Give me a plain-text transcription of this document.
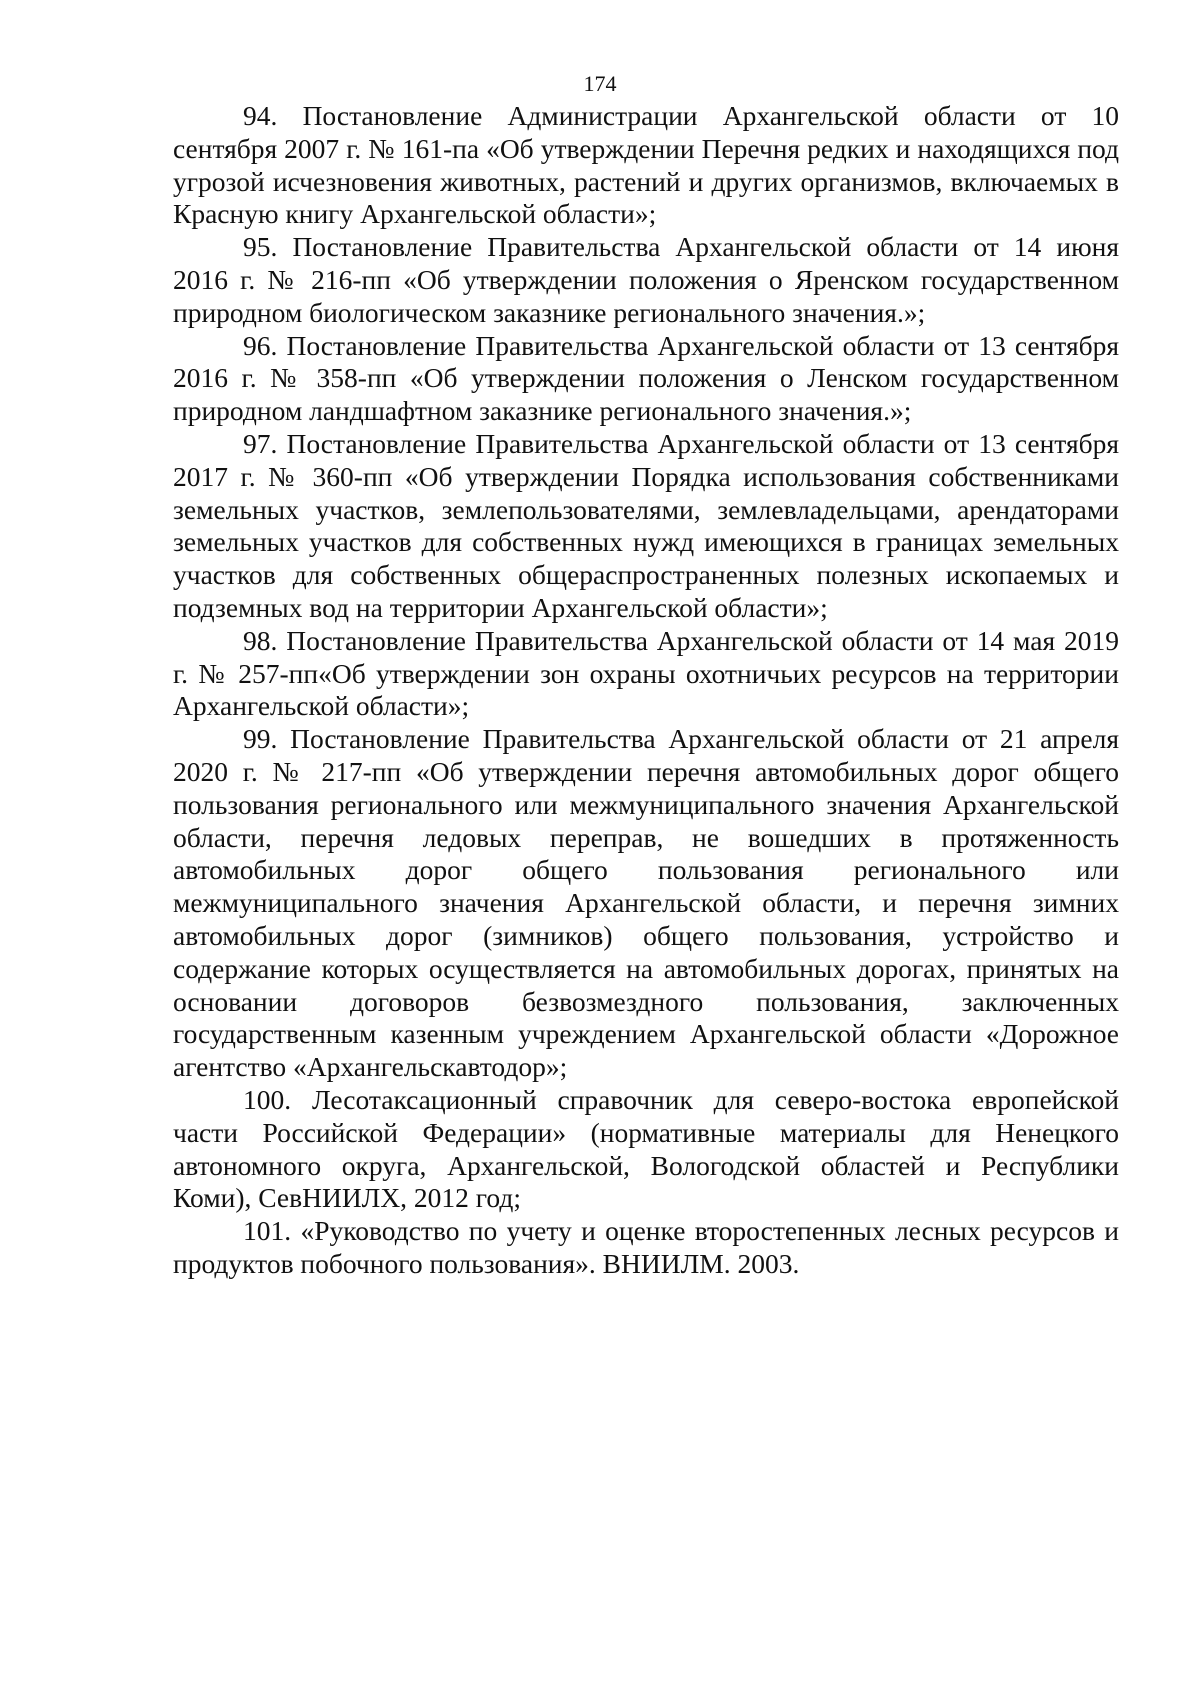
174

94. Постановление Администрации Архангельской области от 10 сентября 2007 г. № 161-па «Об утверждении Перечня редких и находящихся под угрозой исчезновения животных, растений и других организмов, включаемых в Красную книгу Архангельской области»;

95. Постановление Правительства Архангельской области от 14 июня 2016 г. № 216-пп «Об утверждении положения о Яренском государственном природном биологическом заказнике регионального значения.»;

96. Постановление Правительства Архангельской области от 13 сентября 2016 г. № 358-пп «Об утверждении положения о Ленском государственном природном ландшафтном заказнике регионального значения.»;

97. Постановление Правительства Архангельской области от 13 сентября 2017 г. № 360-пп «Об утверждении Порядка использования собственниками земельных участков, землепользователями, землевладельцами, арендаторами земельных участков для собственных нужд имеющихся в границах земельных участков для собственных общераспространенных полезных ископаемых и подземных вод на территории Архангельской области»;

98. Постановление Правительства Архангельской области от 14 мая 2019 г. № 257-пп«Об утверждении зон охраны охотничьих ресурсов на территории Архангельской области»;

99. Постановление Правительства Архангельской области от 21 апреля 2020 г. № 217-пп «Об утверждении перечня автомобильных дорог общего пользования регионального или межмуниципального значения Архангельской области, перечня ледовых переправ, не вошедших в протяженность автомобильных дорог общего пользования регионального или межмуниципального значения Архангельской области, и перечня зимних автомобильных дорог (зимников) общего пользования, устройство и содержание которых осуществляется на автомобильных дорогах, принятых на основании договоров безвозмездного пользования, заключенных государственным казенным учреждением Архангельской области «Дорожное агентство «Архангельскавтодор»;

100. Лесотаксационный справочник для северо-востока европейской части Российской Федерации» (нормативные материалы для Ненецкого автономного округа, Архангельской, Вологодской областей и Республики Коми), СевНИИЛХ, 2012 год;

101. «Руководство по учету и оценке второстепенных лесных ресурсов и продуктов побочного пользования». ВНИИЛМ. 2003.
